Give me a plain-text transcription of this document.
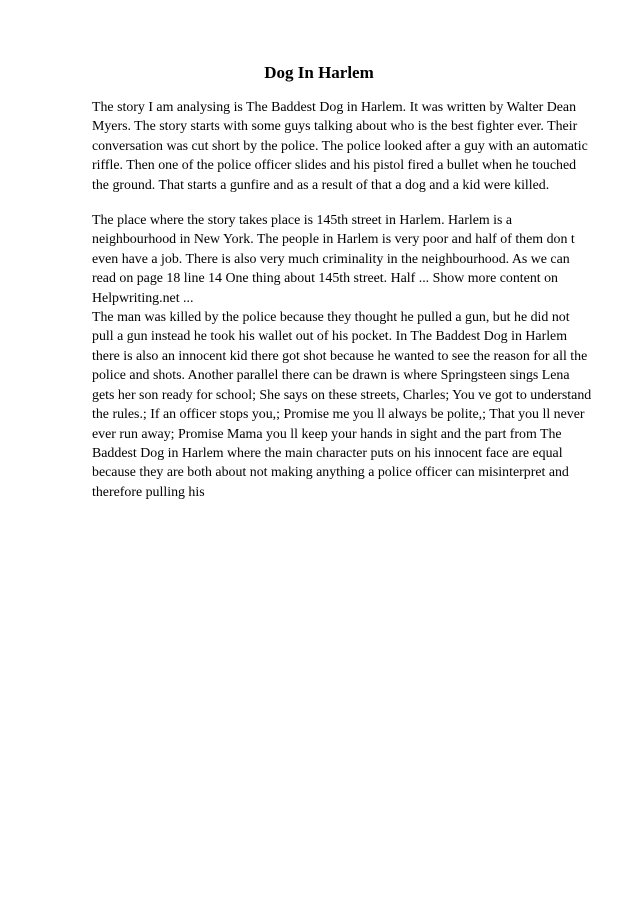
Dog In Harlem

The story I am analysing is The Baddest Dog in Harlem. It was written by Walter Dean Myers. The story starts with some guys talking about who is the best fighter ever. Their conversation was cut short by the police. The police looked after a guy with an automatic riffle. Then one of the police officer slides and his pistol fired a bullet when he touched the ground. That starts a gunfire and as a result of that a dog and a kid were killed.

The place where the story takes place is 145th street in Harlem. Harlem is a neighbourhood in New York. The people in Harlem is very poor and half of them don t even have a job. There is also very much criminality in the neighbourhood. As we can read on page 18 line 14 One thing about 145th street. Half ... Show more content on Helpwriting.net ...

The man was killed by the police because they thought he pulled a gun, but he did not pull a gun instead he took his wallet out of his pocket. In The Baddest Dog in Harlem there is also an innocent kid there got shot because he wanted to see the reason for all the police and shots. Another parallel there can be drawn is where Springsteen sings Lena gets her son ready for school; She says on these streets, Charles; You ve got to understand the rules.; If an officer stops you,; Promise me you ll always be polite,; That you ll never ever run away; Promise Mama you ll keep your hands in sight and the part from The Baddest Dog in Harlem where the main character puts on his innocent face are equal because they are both about not making anything a police officer can misinterpret and therefore pulling his
